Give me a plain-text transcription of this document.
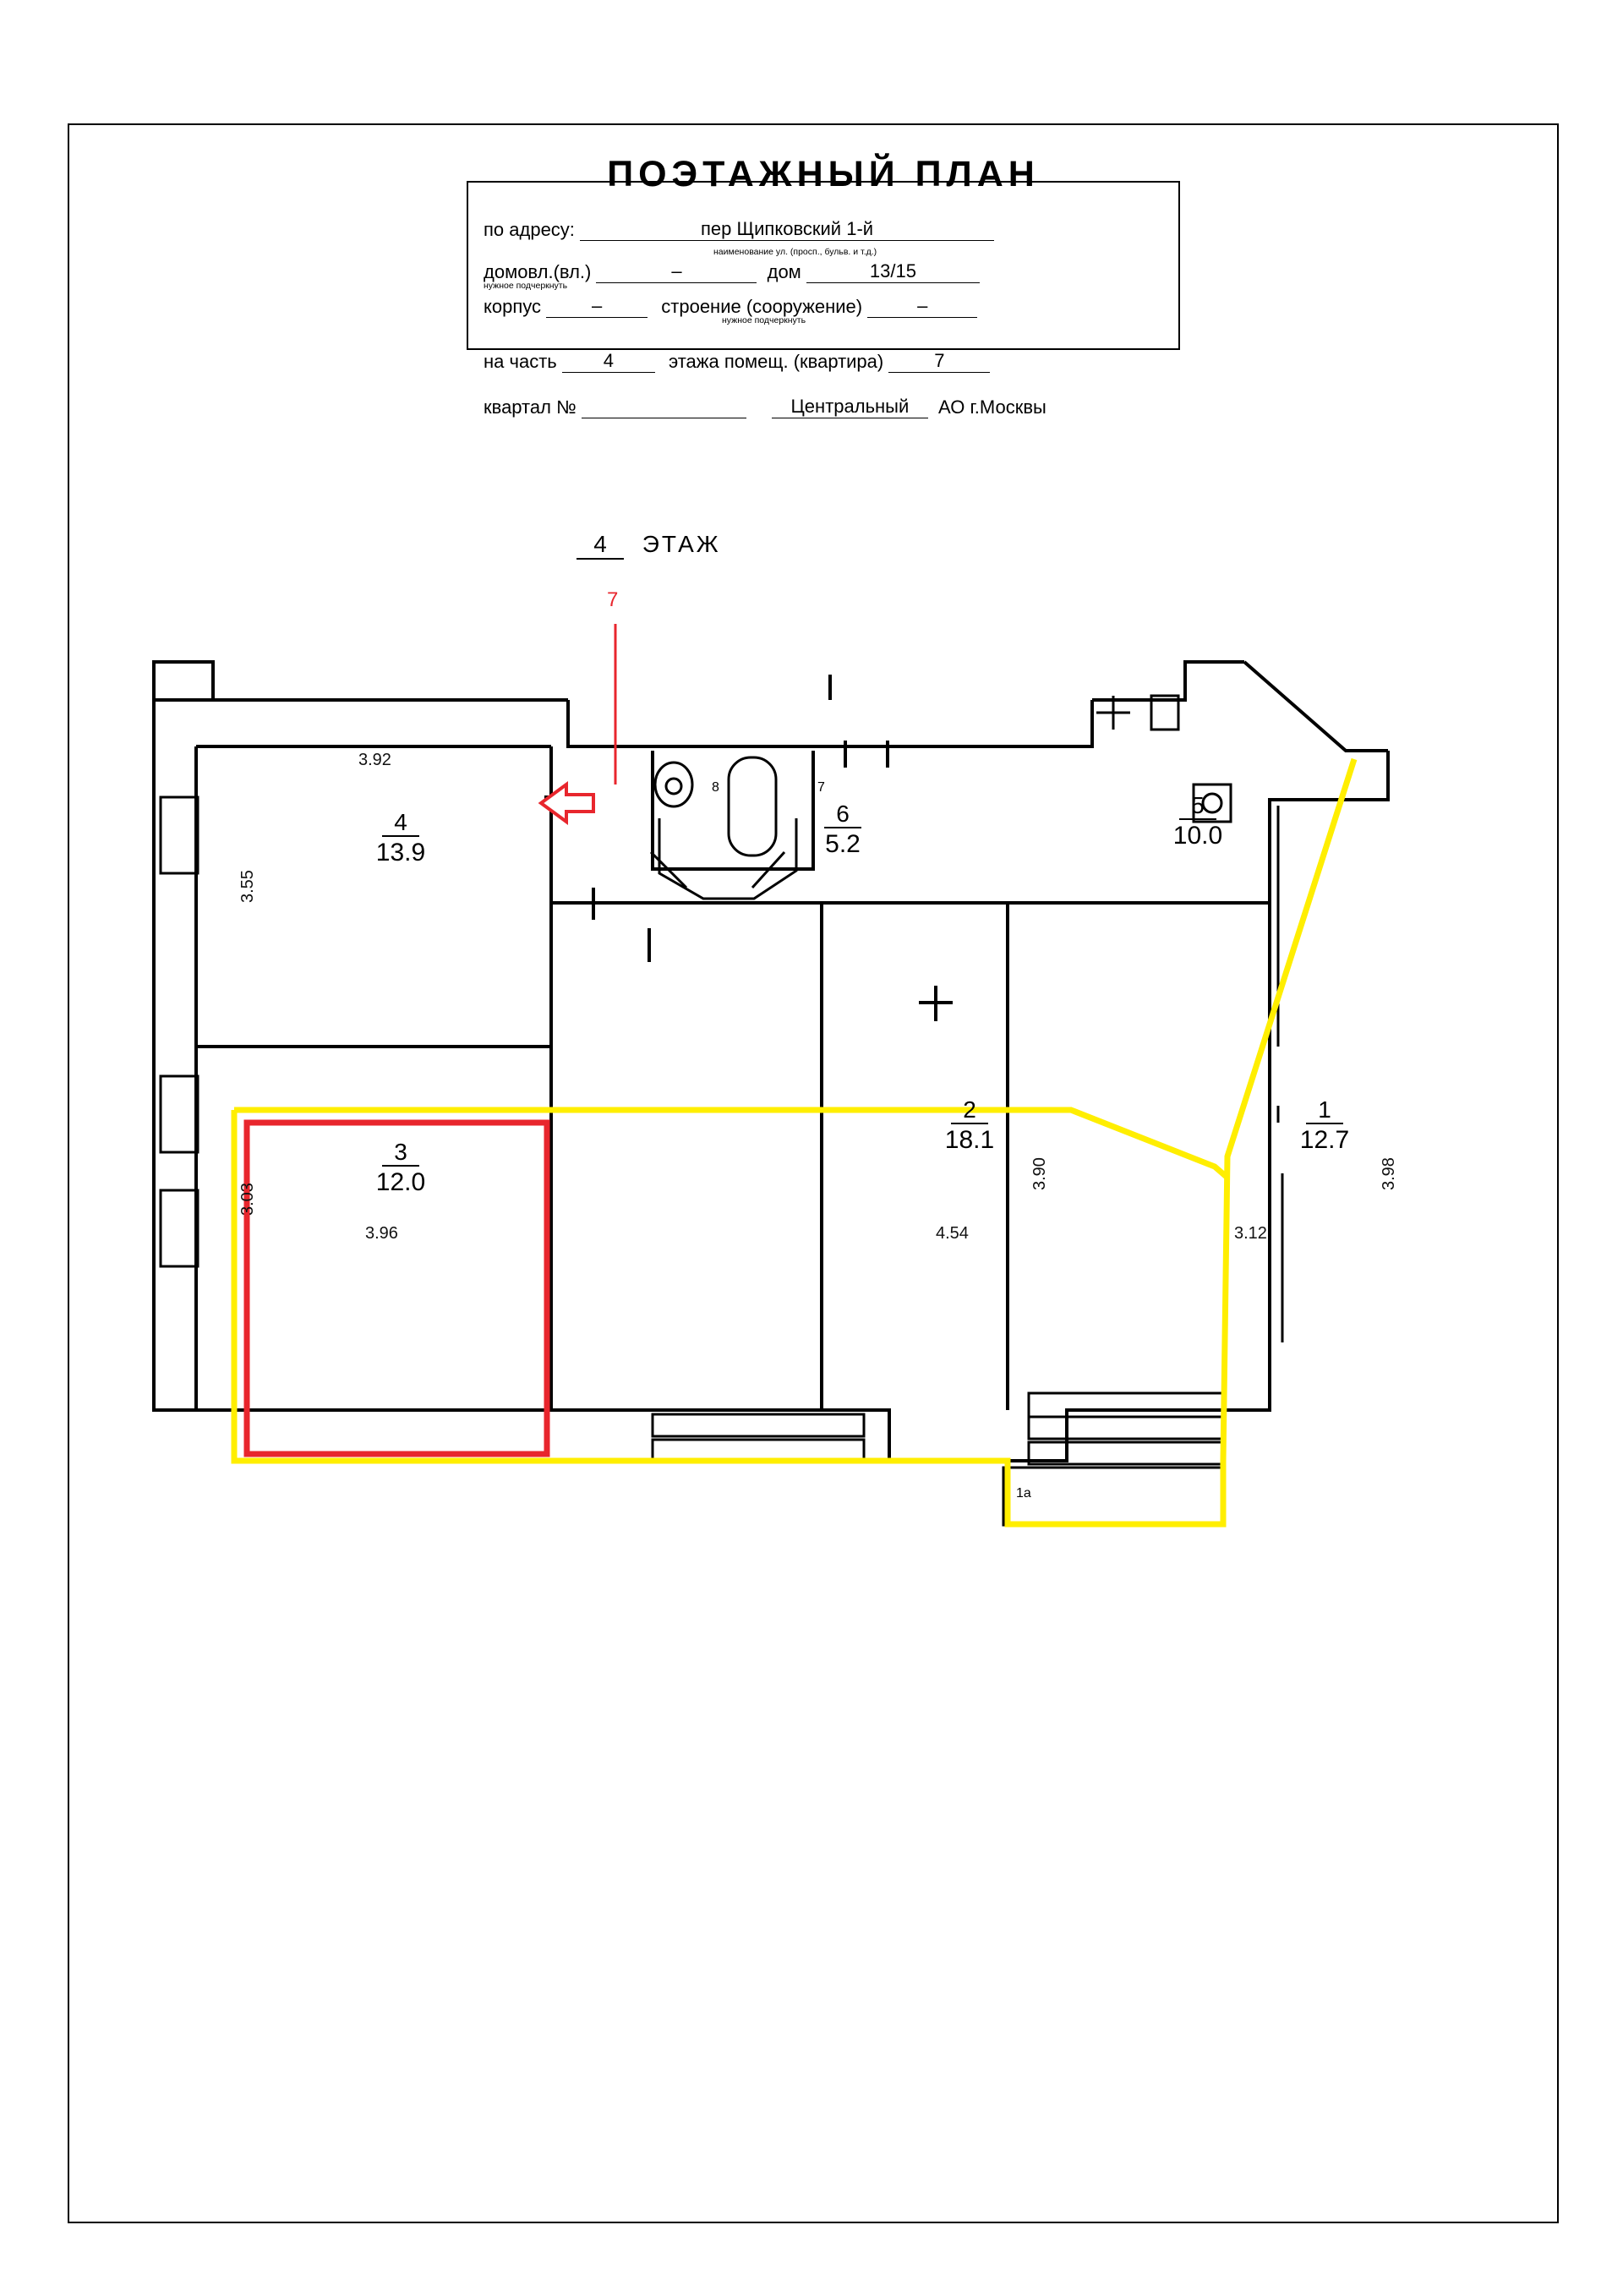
ПОЭТАЖНЫЙ ПЛАН
по адресу:	пер Щипковский 1-й
наименование ул. (просп., бульв. и т.д.)
домовл.(вл.)	–	дом	13/15
нужное подчеркнуть
корпус	–	строение (сооружение)	–
нужное подчеркнуть
на часть	4	этажа помещ. (квартира)	7
квартал №	Центральный АО г.Москвы
4 ЭТАЖ
7
4
13.9
3.92
3.55
3
12.0
3.96
3.03
6
5.2
5
10.0
2
18.1
4.54
3.90
1
12.7
3.12
3.98
8	7
1а
